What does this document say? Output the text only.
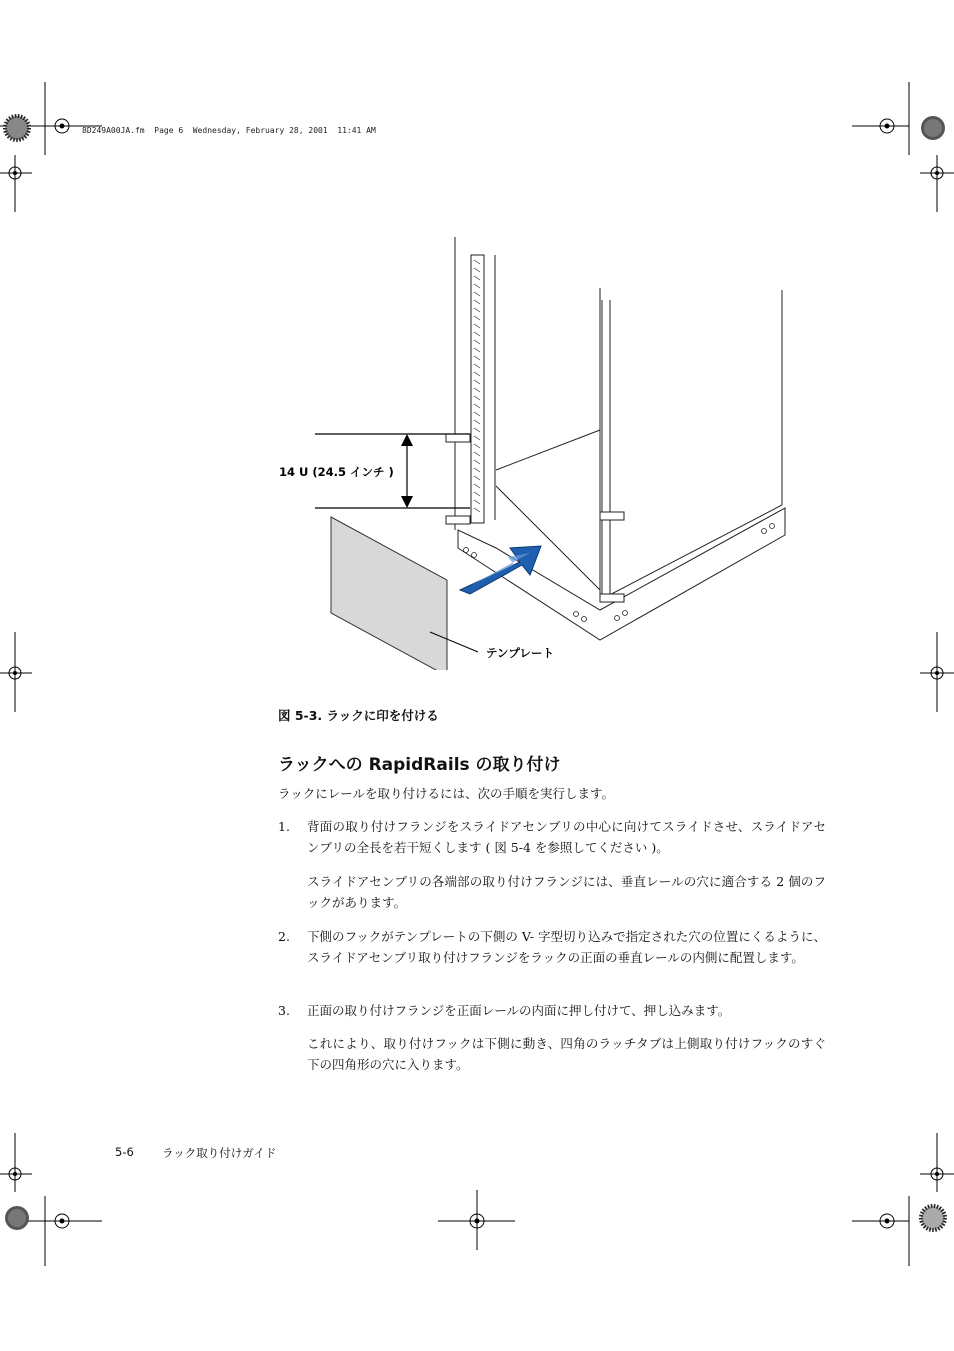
8D249A00JA.fm  Page 6  Wednesday, February 28, 2001  11:41 AM
14 U (24.5 インチ )
テンプレート
図 5-3. ラックに印を付ける
ラックへの RapidRails の取り付け
ラックにレールを取り付けるには、次の手順を実行します。
1. 背面の取り付けフランジをスライドアセンブリの中心に向けてスライドさせ、スライドアセンブリの全長を若干短くします ( 図 5-4 を参照してください )。
スライドアセンブリの各端部の取り付けフランジには、垂直レールの穴に適合する 2 個のフックがあります。
2. 下側のフックがテンプレートの下側の V- 字型切り込みで指定された穴の位置にくるように、スライドアセンブリ取り付けフランジをラックの正面の垂直レールの内側に配置します。
3. 正面の取り付けフランジを正面レールの内面に押し付けて、押し込みます。
これにより、取り付けフックは下側に動き、四角のラッチタブは上側取り付けフックのすぐ下の四角形の穴に入ります。
5-6 ラック取り付けガイド
